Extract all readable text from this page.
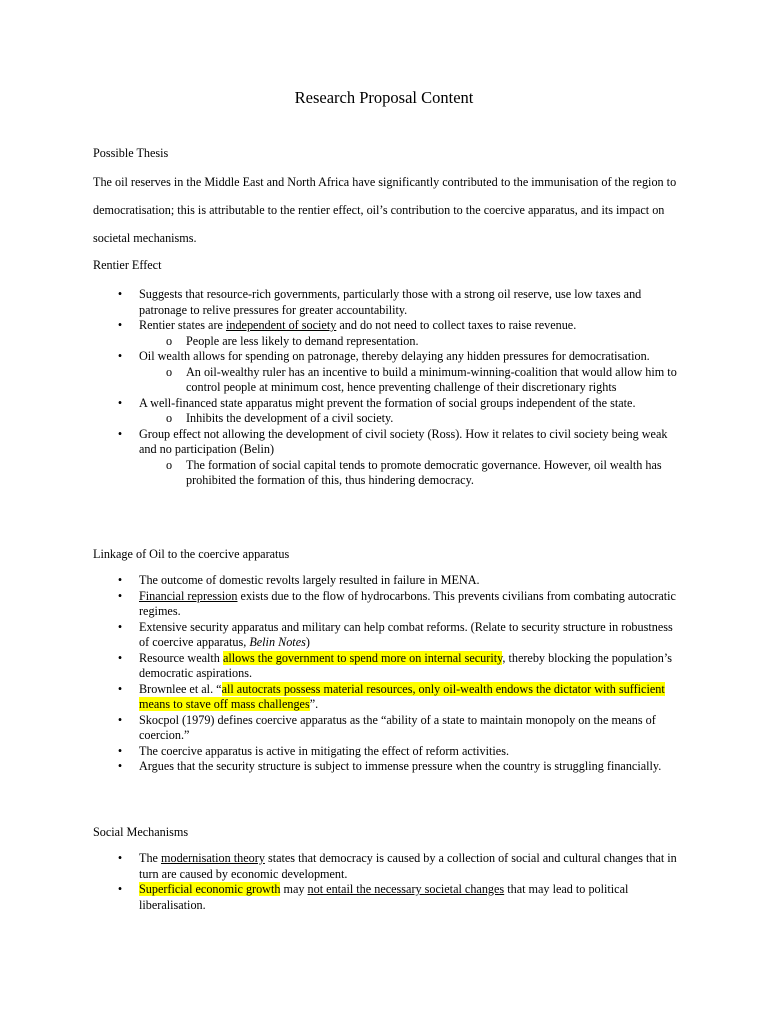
Research Proposal Content
Possible Thesis

The oil reserves in the Middle East and North Africa have significantly contributed to the immunisation of the region to democratisation; this is attributable to the rentier effect, oil’s contribution to the coercive apparatus, and its impact on societal mechanisms.

Rentier Effect
•	Suggests that resource-rich governments, particularly those with a strong oil reserve, use low taxes and patronage to relive pressures for greater accountability.
•	Rentier states are independent of society and do not need to collect taxes to raise revenue.
o People are less likely to demand representation.
•	Oil wealth allows for spending on patronage, thereby delaying any hidden pressures for democratisation.
o An oil-wealthy ruler has an incentive to build a minimum-winning-coalition that would allow him to control people at minimum cost, hence preventing challenge of their discretionary rights
•	A well-financed state apparatus might prevent the formation of social groups independent of the state.
o Inhibits the development of a civil society.
•	Group effect not allowing the development of civil society (Ross). How it relates to civil society being weak and no participation (Belin)
o The formation of social capital tends to promote democratic governance. However, oil wealth has prohibited the formation of this, thus hindering democracy.
Linkage of Oil to the coercive apparatus
•	The outcome of domestic revolts largely resulted in failure in MENA.
•	Financial repression exists due to the flow of hydrocarbons. This prevents civilians from combating autocratic regimes.
•	Extensive security apparatus and military can help combat reforms. (Relate to security structure in robustness of coercive apparatus, Belin Notes)
•	Resource wealth allows the government to spend more on internal security, thereby blocking the population’s democratic aspirations.
•	Brownlee et al. “all autocrats possess material resources, only oil-wealth endows the dictator with sufficient means to stave off mass challenges”.
•	Skocpol (1979) defines coercive apparatus as the “ability of a state to maintain monopoly on the means of coercion.”
•	The coercive apparatus is active in mitigating the effect of reform activities.
•	Argues that the security structure is subject to immense pressure when the country is struggling financially.
Social Mechanisms
•	The modernisation theory states that democracy is caused by a collection of social and cultural changes that in turn are caused by economic development.
•	Superficial economic growth may not entail the necessary societal changes that may lead to political liberalisation.
